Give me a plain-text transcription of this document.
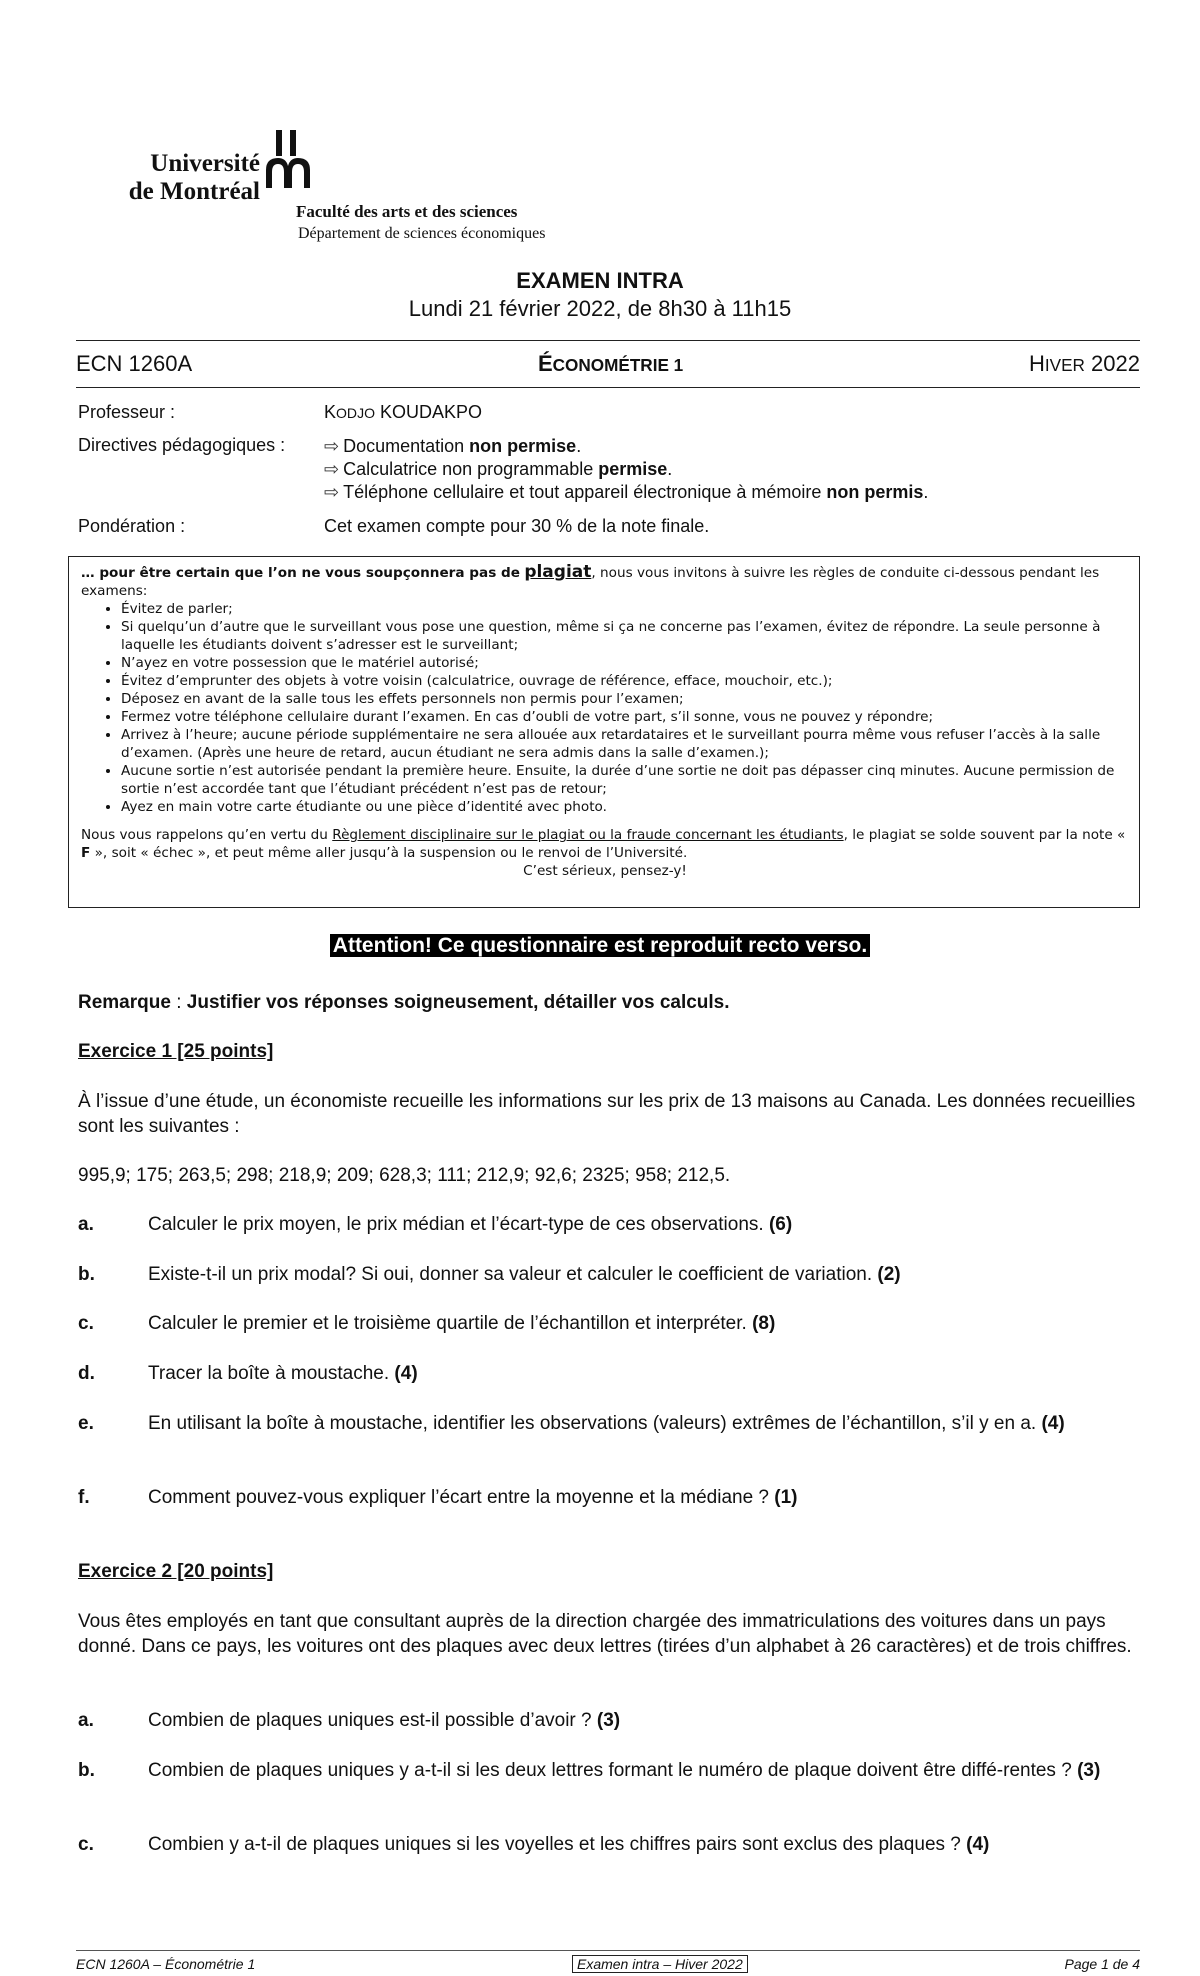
Université
de Montréal
Faculté des arts et des sciences
Département de sciences économiques
EXAMEN INTRA
Lundi 21 février 2022, de 8h30 à 11h15
ECN 1260A	ÉCONOMÉTRIE 1	HIVER 2022
Professeur :	KODJO KOUDAKPO
Directives pédagogiques :	⇨ Documentation non permise.
⇨ Calculatrice non programmable permise.
⇨ Téléphone cellulaire et tout appareil électronique à mémoire non permis.
Pondération :	Cet examen compte pour 30 % de la note finale.

… pour être certain que l’on ne vous soupçonnera pas de plagiat, nous vous invitons à suivre les règles de conduite ci-dessous pendant les examens:

• Évitez de parler;
• Si quelqu’un d’autre que le surveillant vous pose une question, même si ça ne concerne pas l’examen, évitez de répondre. La seule personne à laquelle les étudiants doivent s’adresser est le surveillant;
• N’ayez en votre possession que le matériel autorisé;
• Évitez d’emprunter des objets à votre voisin (calculatrice, ouvrage de référence, efface, mouchoir, etc.);
• Déposez en avant de la salle tous les effets personnels non permis pour l’examen;
• Fermez votre téléphone cellulaire durant l’examen. En cas d’oubli de votre part, s’il sonne, vous ne pouvez y répondre;
• Arrivez à l’heure; aucune période supplémentaire ne sera allouée aux retardataires et le surveillant pourra même vous refuser l’accès à la salle d’examen. (Après une heure de retard, aucun étudiant ne sera admis dans la salle d’examen.);
• Aucune sortie n’est autorisée pendant la première heure. Ensuite, la durée d’une sortie ne doit pas dépasser cinq minutes. Aucune permission de sortie n’est accordée tant que l’étudiant précédent n’est pas de retour;
• Ayez en main votre carte étudiante ou une pièce d’identité avec photo.
Nous vous rappelons qu’en vertu du Règlement disciplinaire sur le plagiat ou la fraude concernant les étudiants, le plagiat se solde souvent par la note « F », soit « échec », et peut même aller jusqu’à la suspension ou le renvoi de l’Université.
C’est sérieux, pensez-y!
Attention! Ce questionnaire est reproduit recto verso.
Remarque : Justifier vos réponses soigneusement, détailler vos calculs.
Exercice 1 [25 points]
À l’issue d’une étude, un économiste recueille les informations sur les prix de 13 maisons au Canada. Les données recueillies sont les suivantes :
995,9; 175; 263,5; 298; 218,9; 209; 628,3; 111; 212,9; 92,6; 2325; 958; 212,5.
a.	Calculer le prix moyen, le prix médian et l’écart-type de ces observations. (6)
b.	Existe-t-il un prix modal? Si oui, donner sa valeur et calculer le coefficient de variation. (2)
c.	Calculer le premier et le troisième quartile de l’échantillon et interpréter. (8)
d.	Tracer la boîte à moustache. (4)
e.	En utilisant la boîte à moustache, identifier les observations (valeurs) extrêmes de l’échantillon, s’il y en a. (4)
f.	Comment pouvez-vous expliquer l’écart entre la moyenne et la médiane ? (1)
Exercice 2 [20 points]
Vous êtes employés en tant que consultant auprès de la direction chargée des immatriculations des voitures dans un pays donné. Dans ce pays, les voitures ont des plaques avec deux lettres (tirées d’un alphabet à 26 caractères) et de trois chiffres.
a.	Combien de plaques uniques est-il possible d’avoir ? (3)
b.	Combien de plaques uniques y a-t-il si les deux lettres formant le numéro de plaque doivent être diffé-rentes ? (3)
c.	Combien y a-t-il de plaques uniques si les voyelles et les chiffres pairs sont exclus des plaques ? (4)
ECN 1260A – Économétrie 1	Examen intra – Hiver 2022	Page 1 de 4
